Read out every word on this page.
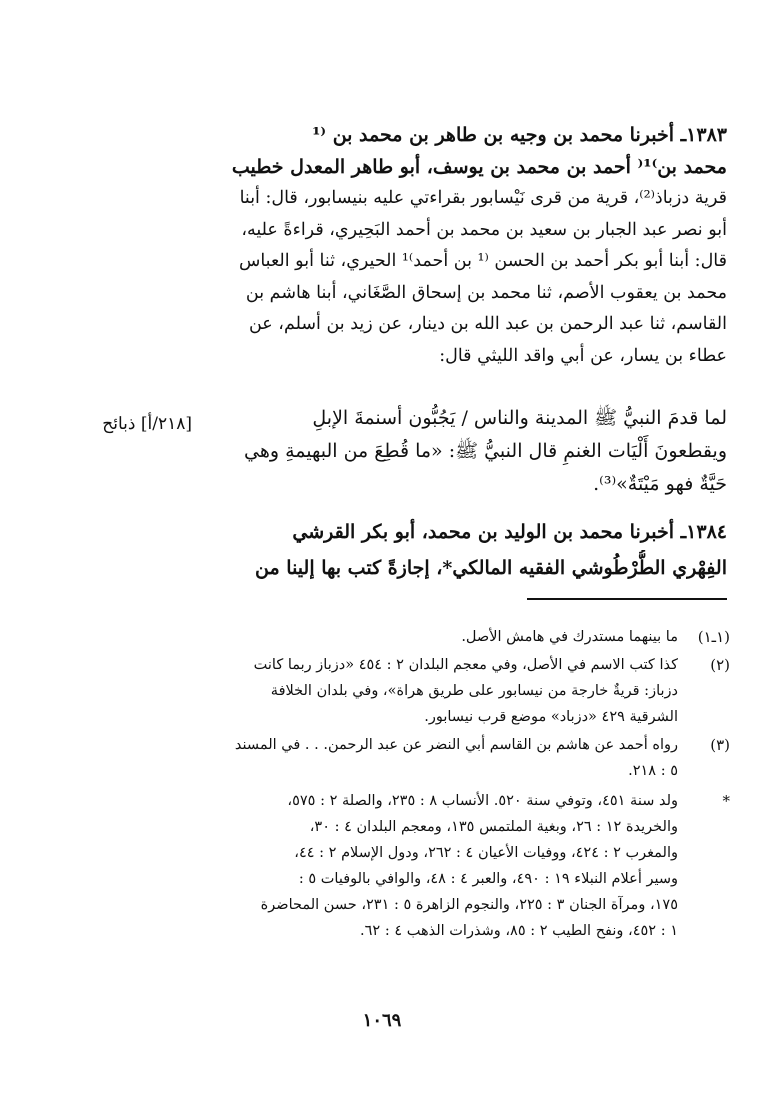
١٣٨٣ـ أخبرنا محمد بن وجيه بن طاهر بن محمد بن ⁽¹
محمد بن⁾¹⁽ أحمد بن محمد بن يوسف، أبو طاهر المعدل خطيب
قرية دزباذ⁽²⁾، قرية من قرى نَيْسابور بقراءتي عليه بنيسابور، قال: أبنا
أبو نصر عبد الجبار بن سعيد بن محمد بن أحمد البَحِيري، قراءةً عليه،
قال: أبنا أبو بكر أحمد بن الحسن ⁽¹ بن أحمد⁾¹ الحيري، ثنا أبو العباس
محمد بن يعقوب الأصم، ثنا محمد بن إسحاق الصَّغَاني، أبنا هاشم بن
القاسم، ثنا عبد الرحمن بن عبد الله بن دينار، عن زيد بن أسلم، عن
عطاء بن يسار، عن أبي واقد الليثي قال:
لما قدمَ النبيُّ ﷺ المدينة والناس / يَجُبُّون أسنمةَ الإبلِ
ويقطعونَ أَلْيَات الغنمِ قال النبيُّ ﷺ: «ما قُطِعَ من البهيمةِ وهي
حَيَّةٌ فهو مَيْتَةٌ»⁽³⁾.
[٢١٨/أ] ذبائح
١٣٨٤ـ أخبرنا محمد بن الوليد بن محمد، أبو بكر القرشي
الفِهْري الطُّرْطُوشي الفقيه المالكي*، إجازةً كتب بها إلينا من
(١ـ١)
ما بينهما مستدرك في هامش الأصل.
(٢)
كذا كتب الاسم في الأصل، وفي معجم البلدان ٢ : ٤٥٤ «دزباز ربما كانت
دزباز: قريةٌ خارجة من نيسابور على طريق هراة»، وفي بلدان الخلافة
الشرقية ٤٢٩ «دزباد» موضع قرب نيسابور.
(٣)
رواه أحمد عن هاشم بن القاسم أبي النضر عن عبد الرحمن. . . في المسند
٥ : ٢١٨.
*
ولد سنة ٤٥١، وتوفي سنة ٥٢٠. الأنساب ٨ : ٢٣٥، والصلة ٢ : ٥٧٥،
والخريدة ١٢ : ٢٦، وبغية الملتمس ١٣٥، ومعجم البلدان ٤ : ٣٠،
والمغرب ٢ : ٤٢٤، ووفيات الأعيان ٤ : ٢٦٢، ودول الإسلام ٢ : ٤٤،
وسير أعلام النبلاء ١٩ : ٤٩٠، والعبر ٤ : ٤٨، والوافي بالوفيات ٥ :
١٧٥، ومرآة الجنان ٣ : ٢٢٥، والنجوم الزاهرة ٥ : ٢٣١، حسن المحاضرة
١ : ٤٥٢، ونفح الطيب ٢ : ٨٥، وشذرات الذهب ٤ : ٦٢.
١٠٦٩
